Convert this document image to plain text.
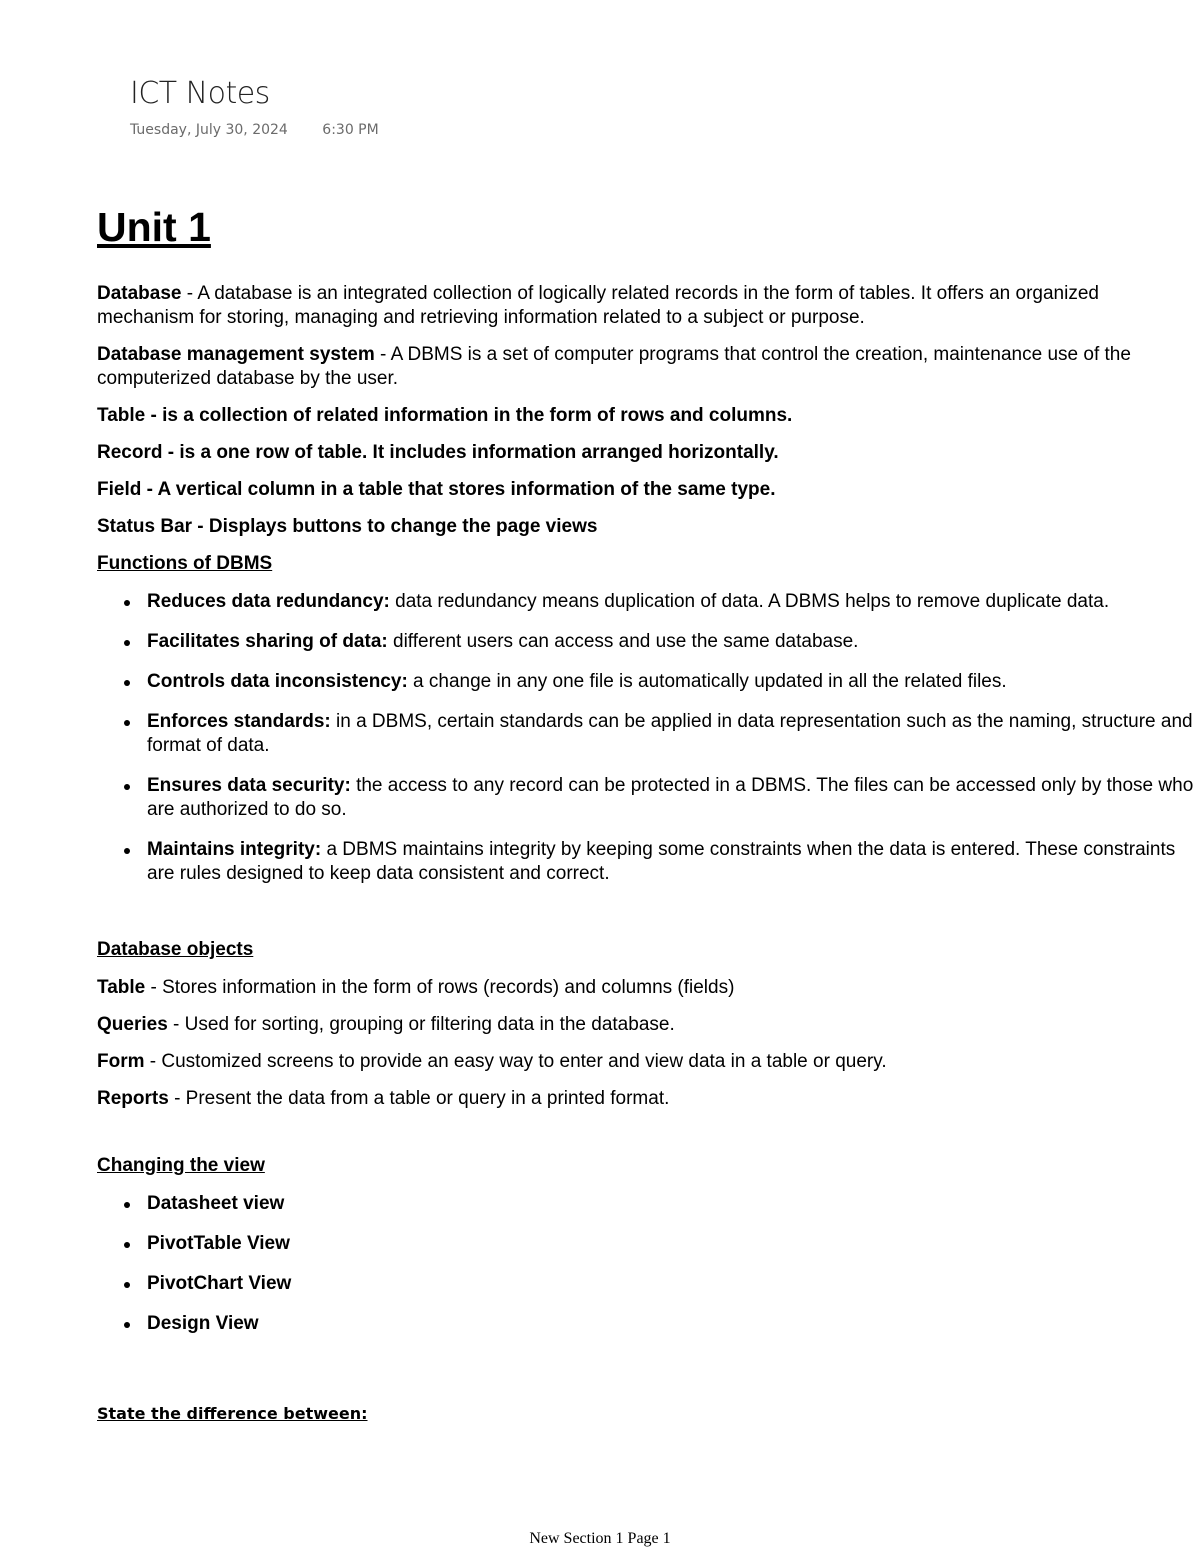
ICT Notes
Tuesday, July 30, 2024 6:30 PM
Unit 1

Database - A database is an integrated collection of logically related records in the form of tables. It offers an organized mechanism for storing, managing and retrieving information related to a subject or purpose.

Database management system - A DBMS is a set of computer programs that control the creation, maintenance use of the computerized database by the user.

Table - is a collection of related information in the form of rows and columns.

Record - is a one row of table. It includes information arranged horizontally.

Field - A vertical column in a table that stores information of the same type.

Status Bar - Displays buttons to change the page views

Functions of DBMS

Reduces data redundancy: data redundancy means duplication of data. A DBMS helps to remove duplicate data.
Facilitates sharing of data: different users can access and use the same database.
Controls data inconsistency: a change in any one file is automatically updated in all the related files.
Enforces standards: in a DBMS, certain standards can be applied in data representation such as the naming, structure and format of data.
Ensures data security: the access to any record can be protected in a DBMS. The files can be accessed only by those who are authorized to do so.
Maintains integrity: a DBMS maintains integrity by keeping some constraints when the data is entered. These constraints are rules designed to keep data consistent and correct.

Database objects

Table - Stores information in the form of rows (records) and columns (fields)

Queries - Used for sorting, grouping or filtering data in the database.

Form - Customized screens to provide an easy way to enter and view data in a table or query.

Reports - Present the data from a table or query in a printed format.

Changing the view

Datasheet view
PivotTable View
PivotChart View
Design View

State the difference between:

New Section 1 Page 1
